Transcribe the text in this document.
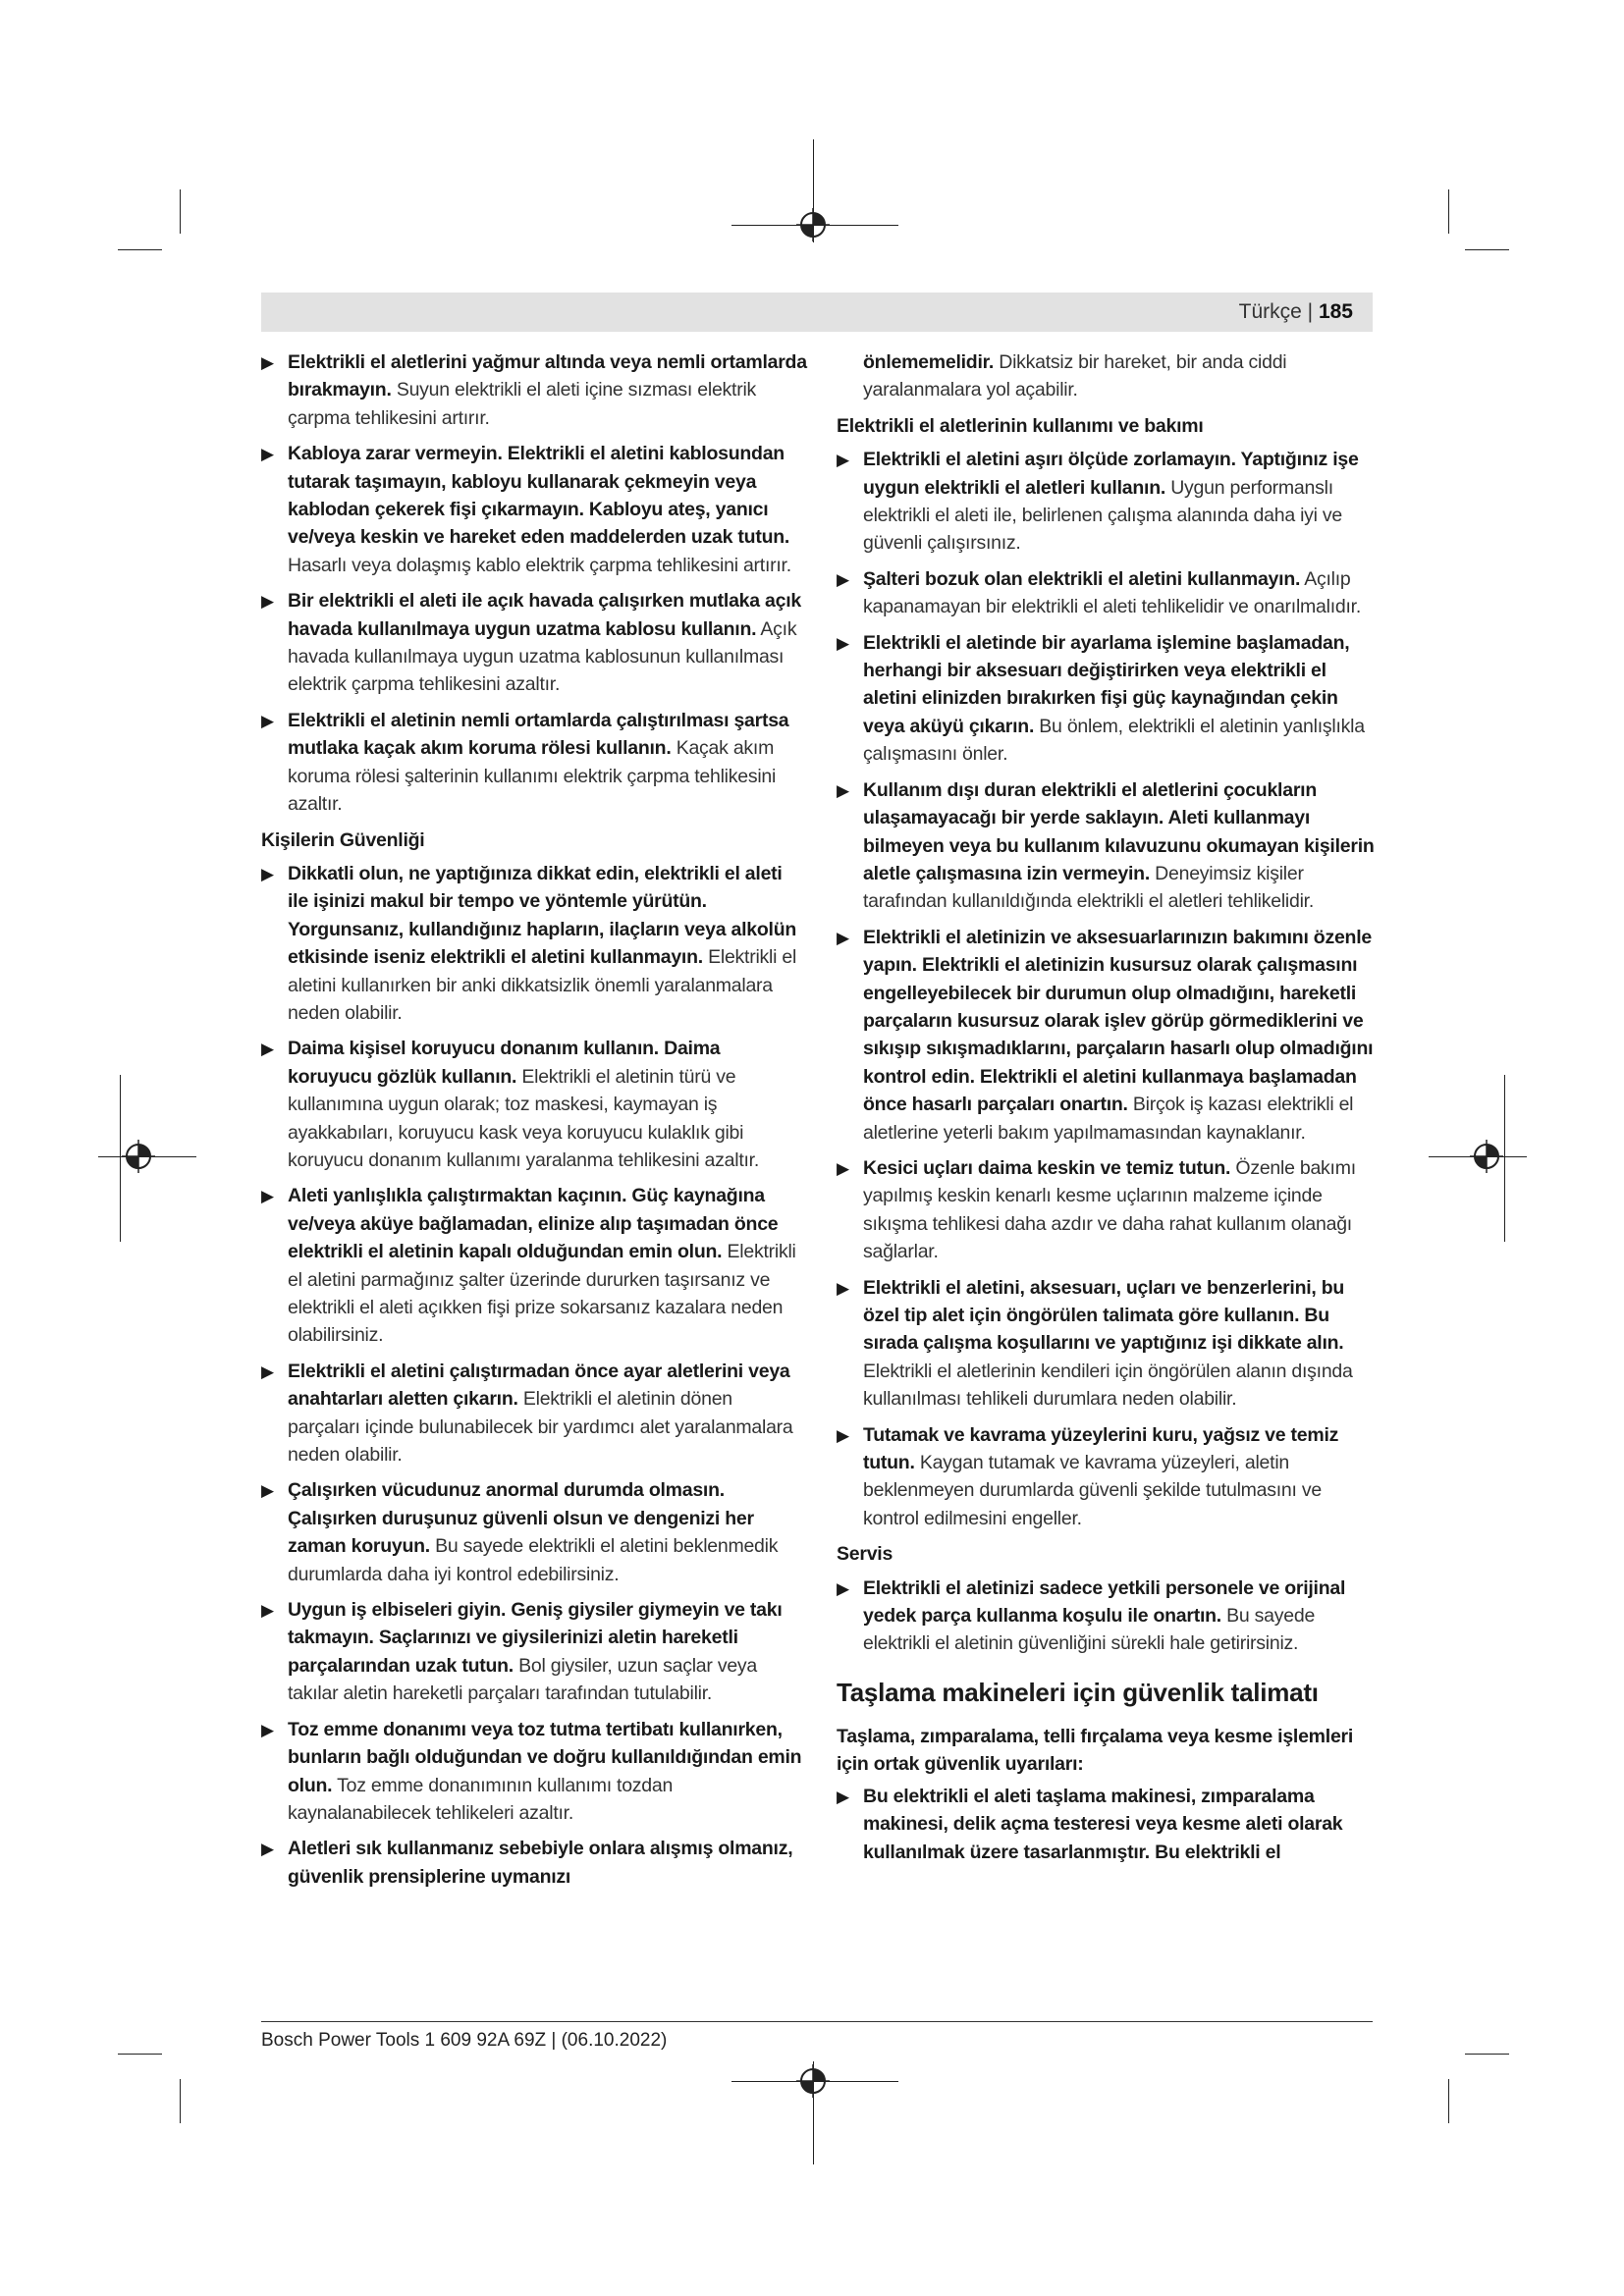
Türkçe | 185
▶ Elektrikli el aletlerini yağmur altında veya nemli ortamlarda bırakmayın. Suyun elektrikli el aleti içine sızması elektrik çarpma tehlikesini artırır.
▶ Kabloya zarar vermeyin. Elektrikli el aletini kablosundan tutarak taşımayın, kabloyu kullanarak çekmeyin veya kablodan çekerek fişi çıkarmayın. Kabloyu ateş, yanıcı ve/veya keskin ve hareket eden maddelerden uzak tutun. Hasarlı veya dolaşmış kablo elektrik çarpma tehlikesini artırır.
▶ Bir elektrikli el aleti ile açık havada çalışırken mutlaka açık havada kullanılmaya uygun uzatma kablosu kullanın. Açık havada kullanılmaya uygun uzatma kablosunun kullanılması elektrik çarpma tehlikesini azaltır.
▶ Elektrikli el aletinin nemli ortamlarda çalıştırılması şartsa mutlaka kaçak akım koruma rölesi kullanın. Kaçak akım koruma rölesi şalterinin kullanımı elektrik çarpma tehlikesini azaltır.
Kişilerin Güvenliği
▶ Dikkatli olun, ne yaptığınıza dikkat edin, elektrikli el aleti ile işinizi makul bir tempo ve yöntemle yürütün. Yorgunsanız, kullandığınız hapların, ilaçların veya alkolün etkisinde iseniz elektrikli el aletini kullanmayın. Elektrikli el aletini kullanırken bir anki dikkatsizlik önemli yaralanmalara neden olabilir.
▶ Daima kişisel koruyucu donanım kullanın. Daima koruyucu gözlük kullanın. Elektrikli el aletinin türü ve kullanımına uygun olarak; toz maskesi, kaymayan iş ayakkabıları, koruyucu kask veya koruyucu kulaklık gibi koruyucu donanım kullanımı yaralanma tehlikesini azaltır.
▶ Aleti yanlışlıkla çalıştırmaktan kaçının. Güç kaynağına ve/veya aküye bağlamadan, elinize alıp taşımadan önce elektrikli el aletinin kapalı olduğundan emin olun. Elektrikli el aletini parmağınız şalter üzerinde dururken taşırsanız ve elektrikli el aleti açıkken fişi prize sokarsanız kazalara neden olabilirsiniz.
▶ Elektrikli el aletini çalıştırmadan önce ayar aletlerini veya anahtarları aletten çıkarın. Elektrikli el aletinin dönen parçaları içinde bulunabilecek bir yardımcı alet yaralanmalara neden olabilir.
▶ Çalışırken vücudunuz anormal durumda olmasın. Çalışırken duruşunuz güvenli olsun ve dengenizi her zaman koruyun. Bu sayede elektrikli el aletini beklenmedik durumlarda daha iyi kontrol edebilirsiniz.
▶ Uygun iş elbiseleri giyin. Geniş giysiler giymeyin ve takı takmayın. Saçlarınızı ve giysilerinizi aletin hareketli parçalarından uzak tutun. Bol giysiler, uzun saçlar veya takılar aletin hareketli parçaları tarafından tutulabilir.
▶ Toz emme donanımı veya toz tutma tertibatı kullanırken, bunların bağlı olduğundan ve doğru kullanıldığından emin olun. Toz emme donanımının kullanımı tozdan kaynalanabilecek tehlikeleri azaltır.
▶ Aletleri sık kullanmanız sebebiyle onlara alışmış olmanız, güvenlik prensiplerine uymanızı
önlememelidir. Dikkatsiz bir hareket, bir anda ciddi yaralanmalara yol açabilir.
Elektrikli el aletlerinin kullanımı ve bakımı
▶ Elektrikli el aletini aşırı ölçüde zorlamayın. Yaptığınız işe uygun elektrikli el aletleri kullanın. Uygun performanslı elektrikli el aleti ile, belirlenen çalışma alanında daha iyi ve güvenli çalışırsınız.
▶ Şalteri bozuk olan elektrikli el aletini kullanmayın. Açılıp kapanamayan bir elektrikli el aleti tehlikelidir ve onarılmalıdır.
▶ Elektrikli el aletinde bir ayarlama işlemine başlamadan, herhangi bir aksesuarı değiştirirken veya elektrikli el aletini elinizden bırakırken fişi güç kaynağından çekin veya aküyü çıkarın. Bu önlem, elektrikli el aletinin yanlışlıkla çalışmasını önler.
▶ Kullanım dışı duran elektrikli el aletlerini çocukların ulaşamayacağı bir yerde saklayın. Aleti kullanmayı bilmeyen veya bu kullanım kılavuzunu okumayan kişilerin aletle çalışmasına izin vermeyin. Deneyimsiz kişiler tarafından kullanıldığında elektrikli el aletleri tehlikelidir.
▶ Elektrikli el aletinizin ve aksesuarlarınızın bakımını özenle yapın. Elektrikli el aletinizin kusursuz olarak çalışmasını engelleyebilecek bir durumun olup olmadığını, hareketli parçaların kusursuz olarak işlev görüp görmediklerini ve sıkışıp sıkışmadıklarını, parçaların hasarlı olup olmadığını kontrol edin. Elektrikli el aletini kullanmaya başlamadan önce hasarlı parçaları onartın. Birçok iş kazası elektrikli el aletlerine yeterli bakım yapılmamasından kaynaklanır.
▶ Kesici uçları daima keskin ve temiz tutun. Özenle bakımı yapılmış keskin kenarlı kesme uçlarının malzeme içinde sıkışma tehlikesi daha azdır ve daha rahat kullanım olanağı sağlarlar.
▶ Elektrikli el aletini, aksesuarı, uçları ve benzerlerini, bu özel tip alet için öngörülen talimata göre kullanın. Bu sırada çalışma koşullarını ve yaptığınız işi dikkate alın. Elektrikli el aletlerinin kendileri için öngörülen alanın dışında kullanılması tehlikeli durumlara neden olabilir.
▶ Tutamak ve kavrama yüzeylerini kuru, yağsız ve temiz tutun. Kaygan tutamak ve kavrama yüzeyleri, aletin beklenmeyen durumlarda güvenli şekilde tutulmasını ve kontrol edilmesini engeller.
Servis
▶ Elektrikli el aletinizi sadece yetkili personele ve orijinal yedek parça kullanma koşulu ile onartın. Bu sayede elektrikli el aletinin güvenliğini sürekli hale getirirsiniz.
Taşlama makineleri için güvenlik talimatı
Taşlama, zımparalama, telli fırçalama veya kesme işlemleri için ortak güvenlik uyarıları:
▶ Bu elektrikli el aleti taşlama makinesi, zımparalama makinesi, delik açma testeresi veya kesme aleti olarak kullanılmak üzere tasarlanmıştır. Bu elektrikli el
Bosch Power Tools 1 609 92A 69Z | (06.10.2022)
